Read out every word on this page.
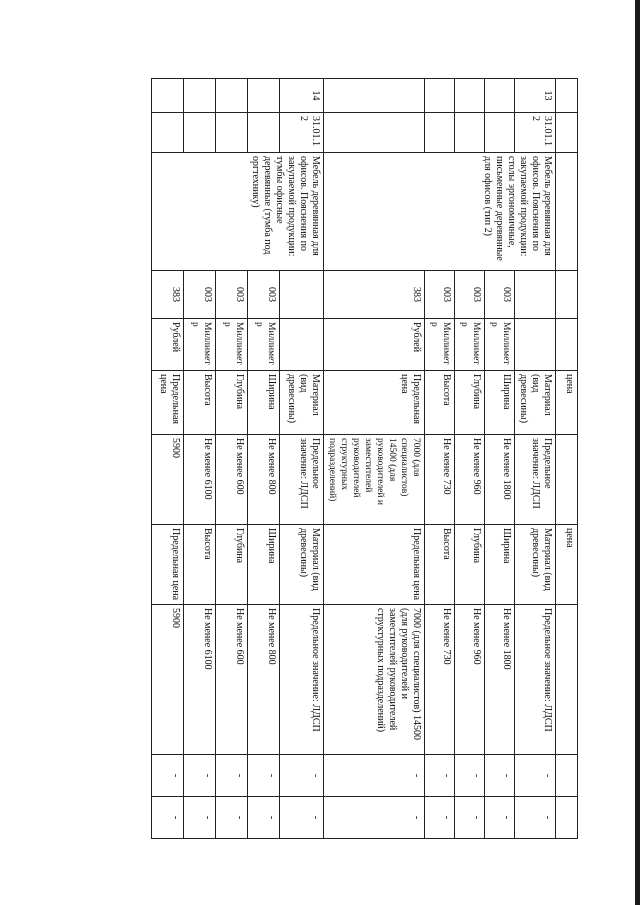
					цена		цена			
13	31.01.12	Мебель деревянная для офисов. Пояснения по закупаемой продукции: столы эргономичные, письменные деревянные для офисов (тип 2)			Материал (вид древесины)	Предельное значение: ЛДСП	Материал (вид древесины)	Предельное значение: ЛДСП	-	-
			003	Миллиметр	Ширина	Не менее 1800	Ширина	Не менее 1800	-	-
			003	Миллиметр	Глубина	Не менее 960	Глубина	Не менее 960	-	-
			003	Миллиметр	Высота	Не менее 730	Высота	Не менее 730	-	-
			383	Рублей	Предельная цена	7000 (для специалистов) 14500 (для руководителей и заместителей руководителей структурных подразделений)	Предельная цена	7000 (для специалистов) 14500 (для руководителей и заместителей руководителей структурных подразделений)	-	-
14	31.01.12	Мебель деревянная для офисов. Пояснения по закупаемой продукции: тумбы офисные деревянные (тумба под оргтехнику)			Материал (вид древесины)	Предельное значение: ЛДСП	Материал (вид древесины)	Предельное значение: ЛДСП	-	-
			003	Миллиметр	Ширина	Не менее 800	Ширина	Не менее 800	-	-
			003	Миллиметр	Глубина	Не менее 600	Глубина	Не менее 600	-	-
			003	Миллиметр	Высота	Не менее 6100	Высота	Не менее 6100	-	-
			383	Рублей	Предельная цена	5900	Предельная цена	5900	-	-
